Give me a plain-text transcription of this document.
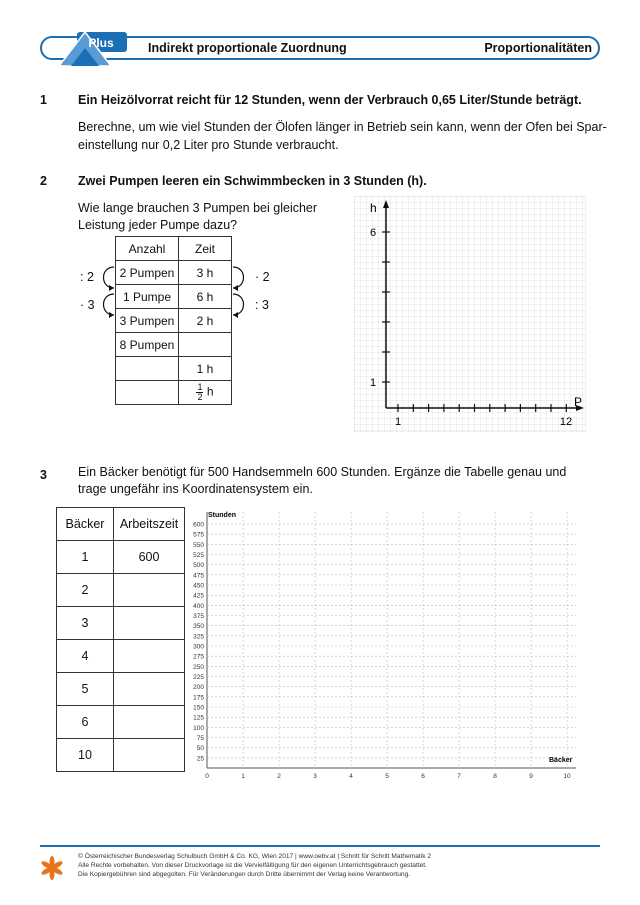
Plus	Indirekt proportionale Zuordnung	Proportionalitäten
1 Ein Heizölvorrat reicht für 12 Stunden, wenn der Verbrauch 0,65 Liter/Stunde beträgt.
Berechne, um wie viel Stunden der Ölofen länger in Betrieb sein kann, wenn der Ofen bei Spar-
einstellung nur 0,2 Liter pro Stunde verbraucht.
2 Zwei Pumpen leeren ein Schwimmbecken in 3 Stunden (h).
Wie lange brauchen 3 Pumpen bei gleicher
Leistung jeder Pumpe dazu?
Anzahl	Zeit
2 Pumpen	3 h
1 Pumpe	6 h
3 Pumpen	2 h
8 Pumpen	
	1 h

	$\frac{1}{2}$ h
: 2
· 3
· 2
: 3
h
P
6
1
1	12
3 Ein Bäcker benötigt für 500 Handsemmeln 600 Stunden. Ergänze die Tabelle genau und
trage ungefähr ins Koordinatensystem ein.
Bäcker	Arbeitszeit
1	600
2	
3	
4	
5	
6	
10	
600
575
550
525
500
475
450
425
400
375
350
325
300
275
250
225
200
175
150
125
100
75
50
25
0	1	2	3	4	5	6	7	8	9	10
Stunden
Bäcker
© Österreichischer Bundesverlag Schulbuch GmbH & Co. KG, Wien 2017 | www.oebv.at | Schritt für Schritt Mathematik 2
Alle Rechte vorbehalten. Von dieser Druckvorlage ist die Vervielfältigung für den eigenen Unterrichtsgebrauch gestattet.
Die Kopiergebühren sind abgegolten. Für Veränderungen durch Dritte übernimmt der Verlag keine Verantwortung.
